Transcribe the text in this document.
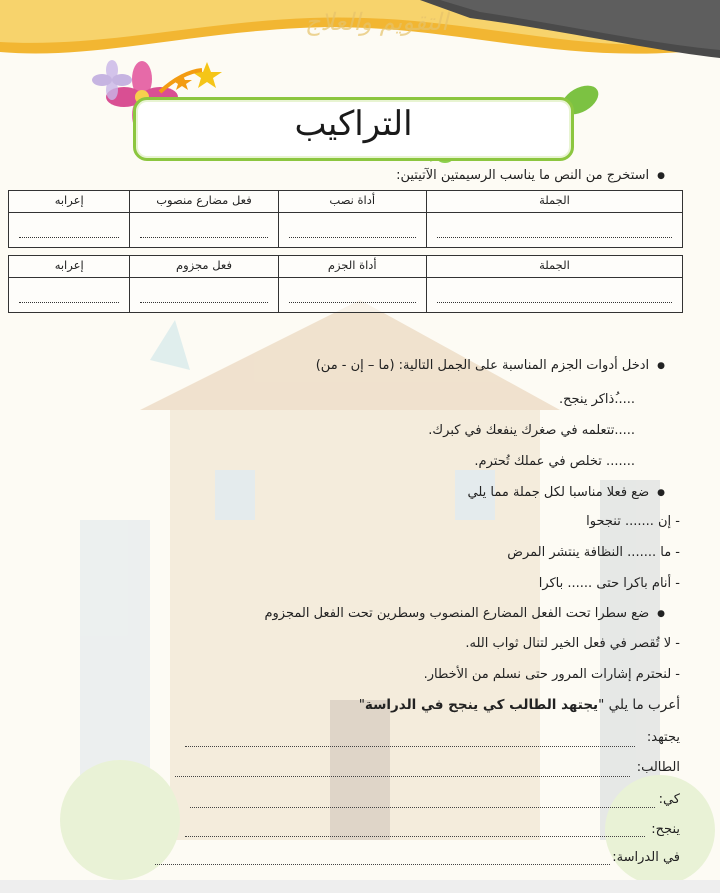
التقويم والعلاج
التراكيب
● استخرج من النص ما يناسب الرسيمتين الآتيتين:
الجملة	أداة نصب	فعل مضارع منصوب	إعرابه

الجملة	أداة الجزم	فعل مجزوم	إعرابه

● ادخل أدوات الجزم المناسبة على الجمل التالية: (ما – إن - من)
.....ُذاكر ينجح.
.....تتعلمه في صغرك ينفعك في كبرك.
....... تخلص في عملك تُحترم.
● ضع فعلا مناسبا لكل جملة مما يلي
- إن ....... تنجحوا
- ما ....... النظافة ينتشر المرض
- أنام باكرا حتى ...... باكرا
● ضع سطرا تحت الفعل المضارع المنصوب وسطرين تحت الفعل المجزوم
- لا تُقصر في فعل الخير لتنال ثواب الله.
- لنحترم إشارات المرور حتى نسلم من الأخطار.
أعرب ما يلي "يجتهد الطالب كي ينجح في الدراسة"
يجتهد:
الطالب:
كي:
ينجح:
في الدراسة:
